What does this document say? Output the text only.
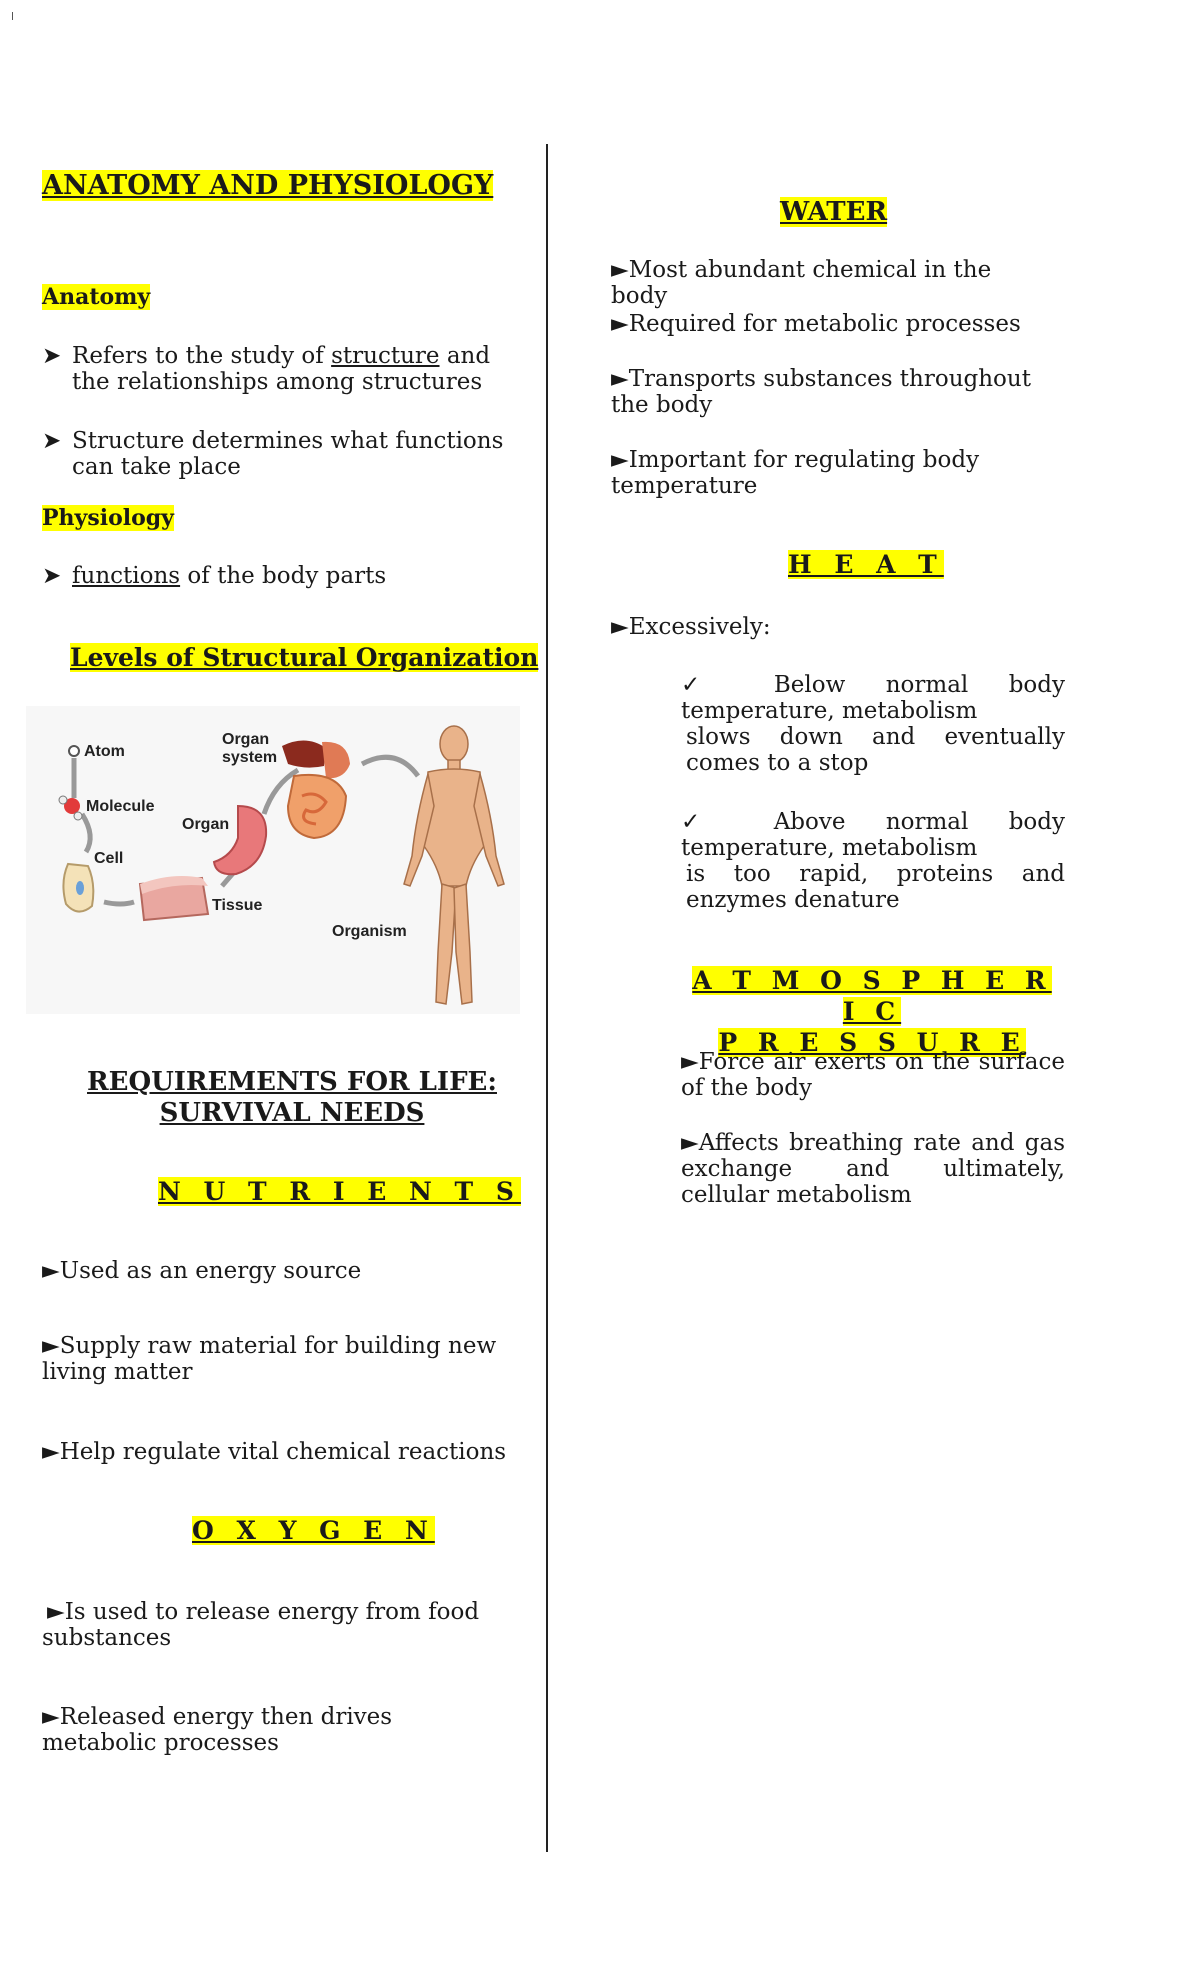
ANATOMY AND PHYSIOLOGY
Anatomy
➤ Refers to the study of structure and the relationships among structures
➤ Structure determines what functions can take place
Physiology
➤ functions of the body parts
Levels of Structural Organization
Atom
Molecule
Cell
Tissue
Organ
Organ
system
Organism
REQUIREMENTS FOR LIFE:
SURVIVAL NEEDS
N U T R I E N T S
►Used as an energy source
►Supply raw material for building new living matter
►Help regulate vital chemical reactions
O X Y G E N
►Is used to release energy from food substances
►Released energy then drives metabolic processes
WATER
►Most abundant chemical in the body
►Required for metabolic processes
►Transports substances throughout the body
►Important for regulating body temperature
H E A T
►Excessively:
✓ Below normal body temperature, metabolism
slows down and eventually comes to a stop
✓ Above normal body temperature, metabolism
is too rapid, proteins and enzymes denature
A T M O S P H E R I C
P R E S S U R E
►Force air exerts on the surface of the body
►Affects breathing rate and gas exchange and ultimately, cellular metabolism
